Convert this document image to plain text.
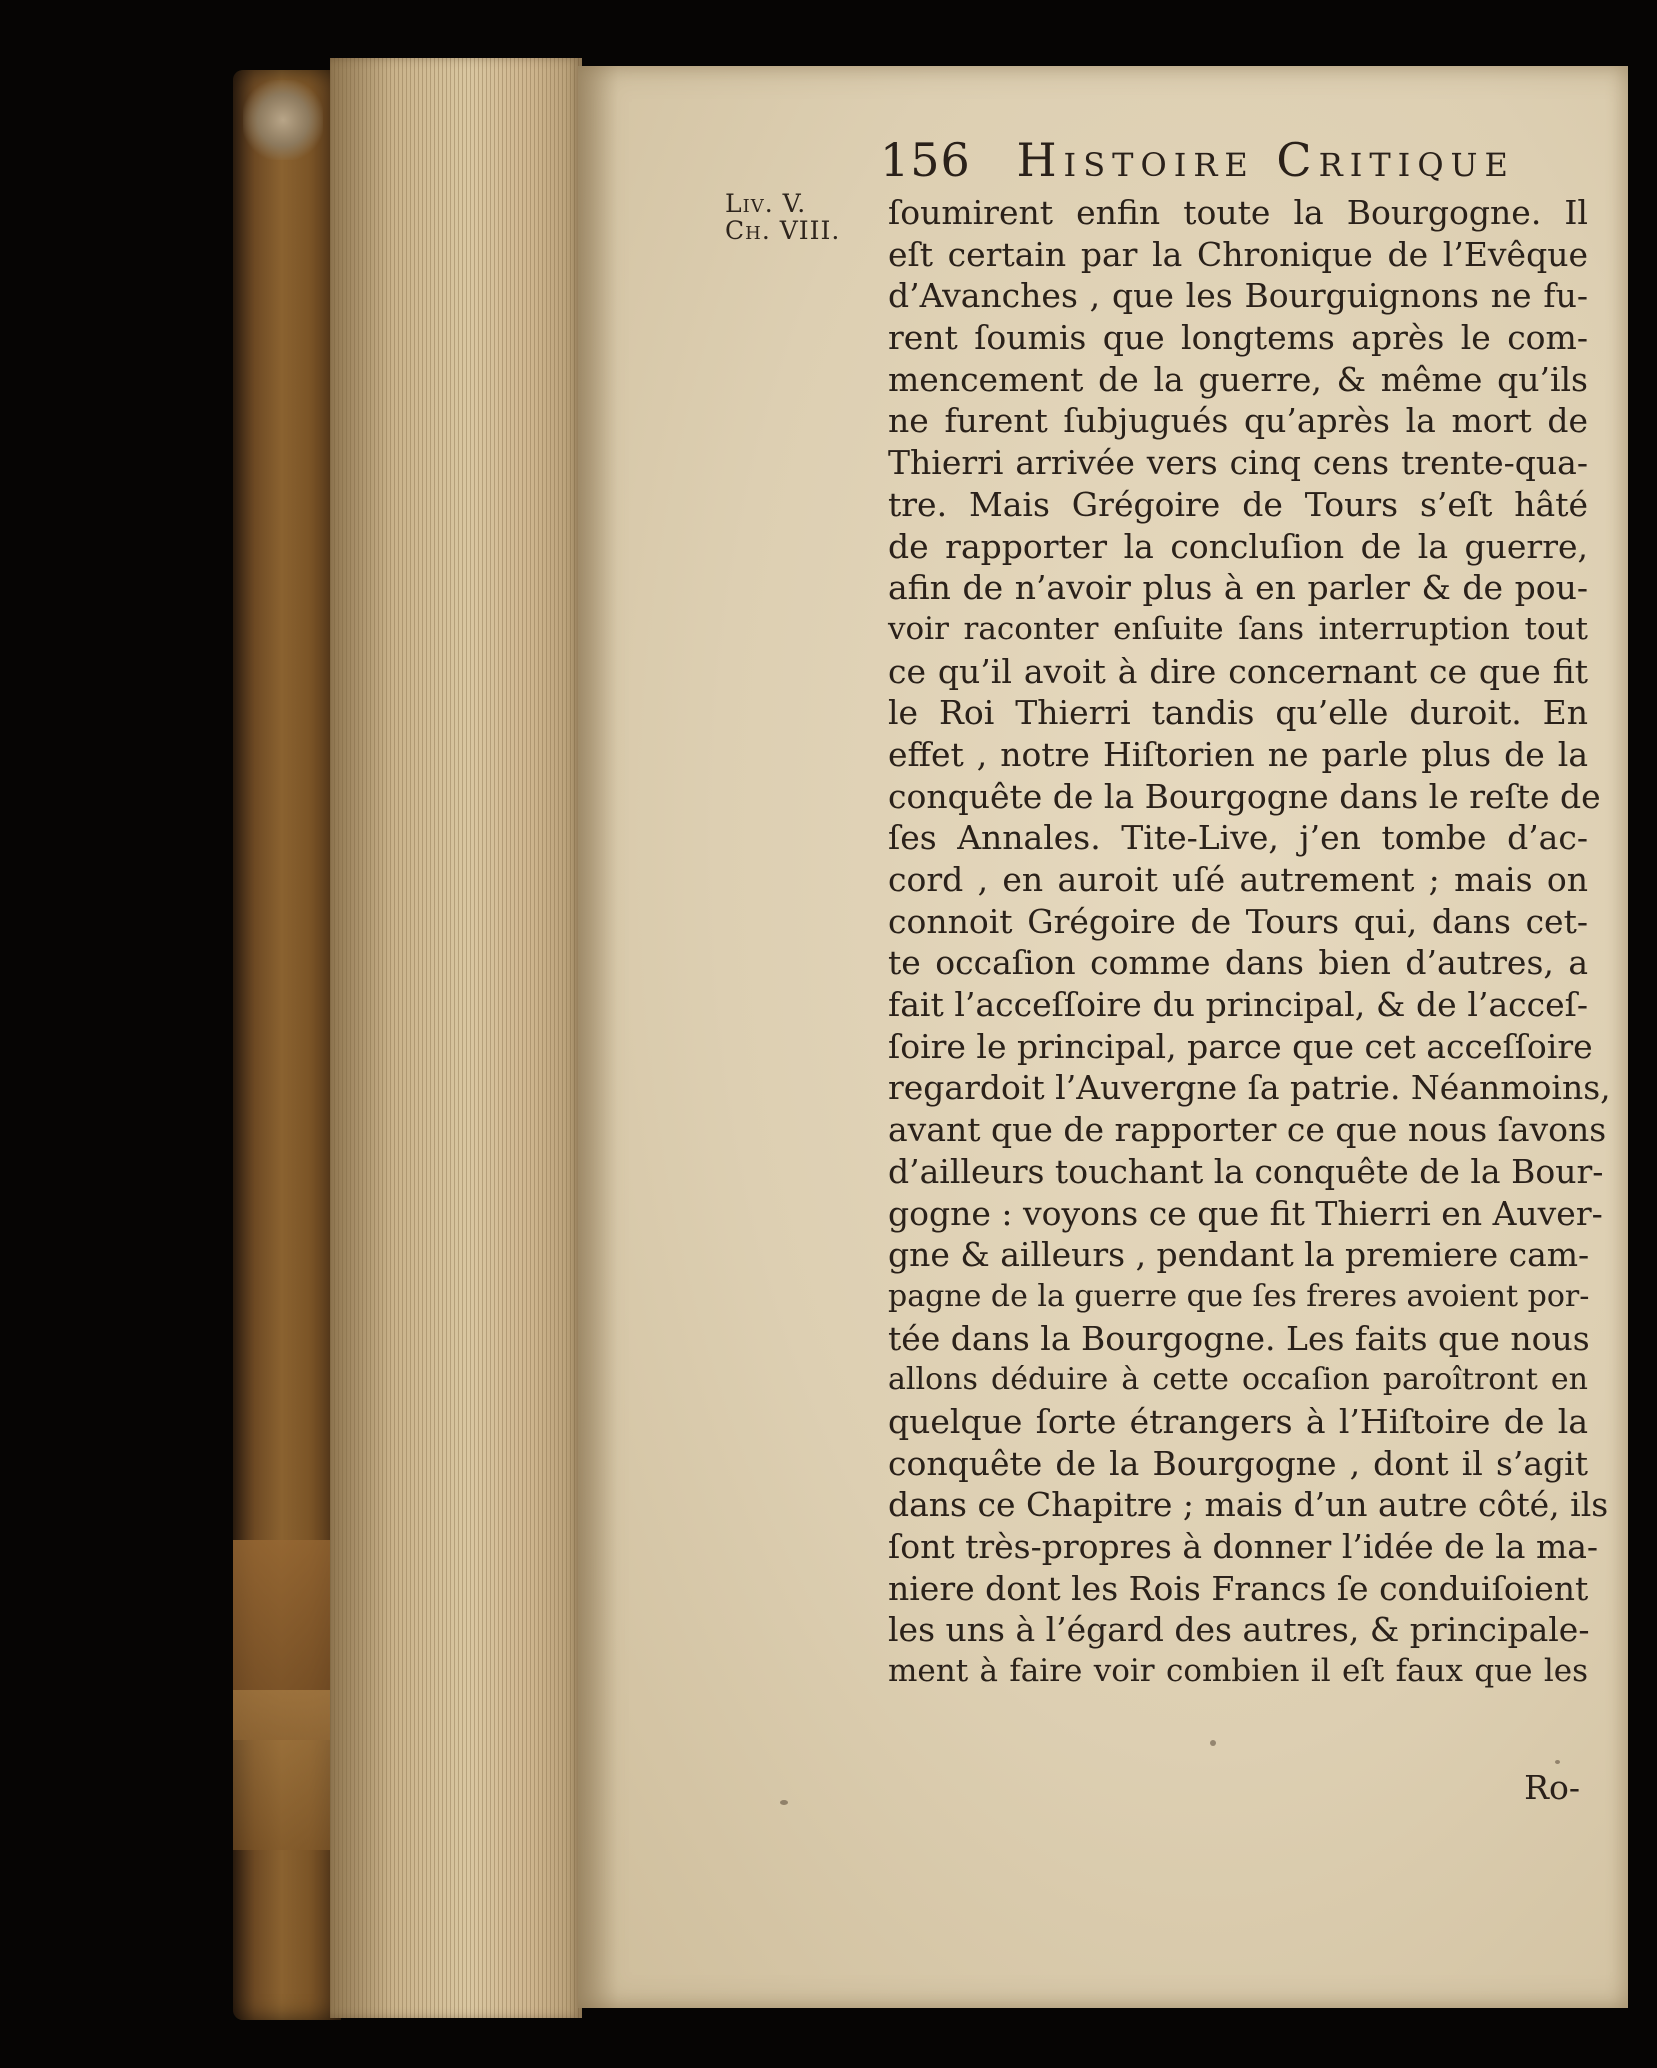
Ro-
156 Histoire Critique
Liv. V.
Ch. VIII.	ſoumirent enfin toute la Bourgogne. Il
eſt certain par la Chronique de l’Evêque
d’Avanches , que les Bourguignons ne fu-
rent ſoumis que longtems après le com-
mencement de la guerre, & même qu’ils
ne furent ſubjugués qu’après la mort de
Thierri arrivée vers cinq cens trente-qua-
tre. Mais Grégoire de Tours s’eſt hâté
de rapporter la concluſion de la guerre,
afin de n’avoir plus à en parler & de pou-
voir raconter enſuite ſans interruption tout
ce qu’il avoit à dire concernant ce que fit
le Roi Thierri tandis qu’elle duroit. En
effet , notre Hiſtorien ne parle plus de la
conquête de la Bourgogne dans le reſte de
ſes Annales. Tite-Live, j’en tombe d’ac-
cord , en auroit uſé autrement ; mais on
connoit Grégoire de Tours qui, dans cet-
te occaſion comme dans bien d’autres, a
fait l’acceſſoire du principal, & de l’acceſ-
ſoire le principal, parce que cet acceſſoire
regardoit l’Auvergne ſa patrie. Néanmoins,
avant que de rapporter ce que nous ſavons
d’ailleurs touchant la conquête de la Bour-
gogne : voyons ce que fit Thierri en Auver-
gne & ailleurs , pendant la premiere cam-
pagne de la guerre que ſes freres avoient por-
tée dans la Bourgogne. Les faits que nous
allons déduire à cette occaſion paroîtront en
quelque ſorte étrangers à l’Hiſtoire de la
conquête de la Bourgogne , dont il s’agit
dans ce Chapitre ; mais d’un autre côté, ils
ſont très-propres à donner l’idée de la ma-
niere dont les Rois Francs ſe conduiſoient
les uns à l’égard des autres, & principale-
ment à faire voir combien il eſt faux que les
